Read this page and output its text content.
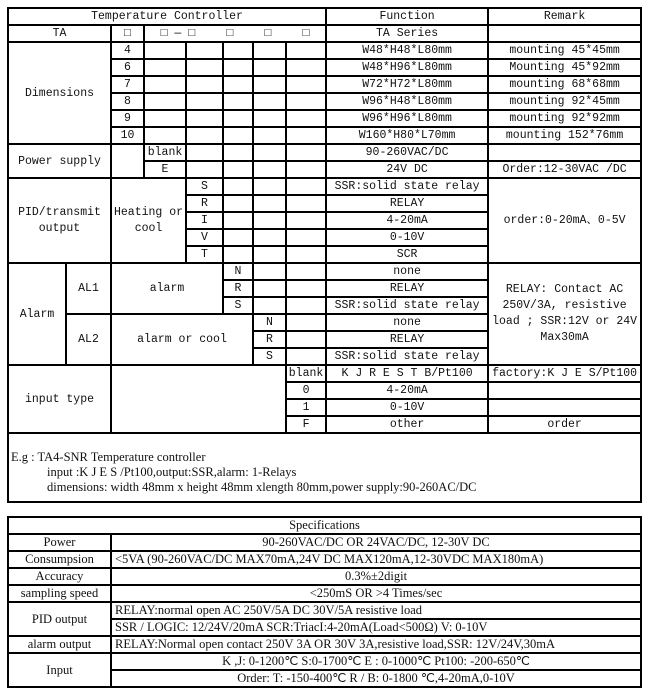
Temperature Controller								Function	Remark
TA		□	□ — □ □ □ □					TA Series	
Dimensions		4						W48*H48*L80mm	mounting 45*45mm
		6						W48*H96*L80mm	Mounting 45*92mm
		7						W72*H72*L80mm	mounting 68*68mm
		8						W96*H48*L80mm	mounting 92*45mm
		9						W96*H96*L80mm	mounting 92*92mm
		10						W160*H80*L70mm	mounting 152*76mm
Power supply			blank					90-260VAC/DC	
			E					24V DC	Order:12-30VAC /DC
PID/transmit output		Heating or cool		S				SSR:solid state relay	order:0-20mA、0-5V
				R				RELAY	
				I				4-20mA	
				V				0-10V	
				T				SCR	
Alarm	AL1	alarm			N			none	RELAY: Contact AC 250V/3A, resistive load ; SSR:12V or 24V Max30mA
					R			RELAY	
					S			SSR:solid state relay	
	AL2	alarm or cool				N		none	
						R		RELAY	
						S		SSR:solid state relay	
input type							blank	K J R E S T B/Pt100	factory:K J E S/Pt100
							0	4-20mA	
							1	0-10V	
							F	other	order

E.g : TA4-SNR Temperature controller
input :K J E S /Pt100,output:SSR,alarm: 1-Relays
dimensions: width 48mm x height 48mm xlength 80mm,power supply:90-260AC/DC									
Specifications	
Power	90-260VAC/DC OR 24VAC/DC, 12-30V DC
Consumpsion	<5VA (90-260VAC/DC MAX70mA,24V DC MAX120mA,12-30VDC MAX180mA)
Accuracy	0.3%±2digit
sampling speed	<250mS OR >4 Times/sec
PID output	RELAY:normal open AC 250V/5A DC 30V/5A resistive load
	SSR / LOGIC: 12/24V/20mA SCR:TriacI:4-20mA(Load<500Ω) V: 0-10V
alarm output	RELAY:Normal open contact 250V 3A OR 30V 3A,resistive load,SSR: 12V/24V,30mA
Input	K ,J: 0-1200℃ S:0-1700℃ E : 0-1000℃ Pt100: -200-650℃
	Order: T: -150-400℃ R / B: 0-1800 ℃,4-20mA,0-10V
